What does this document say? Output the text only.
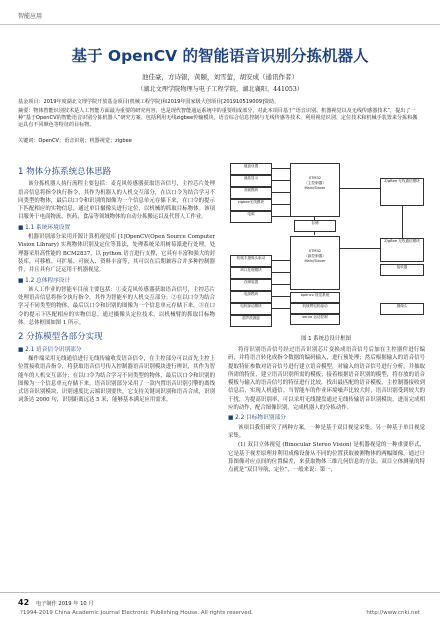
智能应用
基于 OpenCV 的智能语音识别分拣机器人
池佳豪，方诗银，黄颐，刘雪萤，胡安成（通讯作者）
（湖北文理学院物理与电子工程学院，湖北襄阳，441053）
基金项目：2019年度湖北文理学院开放基金项目(机械工程学院)和2019年国家级大创项目[201910519009]资助。
摘要：物体智能识别技术是人工智能方面最为重要的研究内容，也是现代智能通运系统中的重要组成部分，对此本项目基于“语音识别、机器视觉以及无线传感器技术”，提出了一种“基于OpenCV的智能语音识别分拣机器人”研究方案。包括利用无线zigbee传输模块，语音综合信息控制与无线传感等技术，利用视觉识别、定位技术和机械手装置来分拣和搬运具有不同颜色等特征的目标物。
关键词：OpenCV；语音识别；机器视觉；zigbee
1 物体分拣系统总体思路

该分拣机器人执行流程主要包括：麦克风传感器获取语音信号，主控芯片处理语音信息将指令执行指令，其作为机器人的人机交互部分，在以口令为结合学习不同类型的物体，最后以口令和识别的图像为一个信息单元存储下来，在口令的提示下匹配相应的实物信息。通过单目摄像头进行定位，以机械的抓取目标物体。该项目服务于电商物流、医药、食品等领域物体的自动分拣搬运以及代替人工作业。

■ 1.1 系统环境设置

机器识别部分采用开源计算机视觉库 [1]OpenCV(Open Source Computer Vision Library) 实现物体识别及定位等算法，处理系统采用树莓派进行处理，处理器采用高性能的 BCM2837，以 python 语言进行支撑，它具有丰富和强大的封装库，可移植、可扩展、可嵌入、资料丰富等，其可以在后期兼容合并多种控制器件，并且具有广泛运用于机器视觉。

■ 1.2 总体程序设计

该人工作业的智能车目前主要包括：①麦克风传感器获取语音信号，主控芯片处理语音信息将指令执行指令，其作为智能车的人机交互部分；②在以口令为结合学习不同类型的物体，最后以口令和识别的图像为一个信息单元存储下来。③在口令的提示下匹配相应的实物信息。通过摄像头定位技术，以机械臂的抓取目标物体。总体框图如图 1 所示。

2 分拣模型各部分实现
■ 2.1 语音信令识别部分

操作端采用无线通信进行无线传输收发语音信令，在主控部分可以首先主控上位置接收语音指令，将获取语音信号传入控制器语音识别模块进行辨识，其作为智能车的人机交互部分；在以口令为结合学习不同类型的物体，最后以口令和识别的图像为一个信息单元存储下来。语音识别部分采用了一款内置语音识别引擎的离线式语音识别模块，识别速度比云端识别要快，它支持关键词识别和语音合成，识别词条达 2000 句，识别距离远达 5 米，能够基本满足应用需求。

键盘设置
液晶显示
音频模块
zigbee无线模块
电源
STM32
（主控制器）
Main/Slaver
Z/gBee 无线通信模块
存储
Z/gBee 无线通信模块
机械手摄像头驱动
串口处理模块
存储装置
电源模块
STM32
（副控制器）
Main/Slaver
接收器
opencv 视觉系统
机械臂电机驱动
servo 运动控制
电机驱动模块
超声波测距
摄像头
图 1 系统总设计框图

将待识别语音信号经过语音识别芯片变换成语音信号后加在主控器件进行编码，并将语言转化成指令数据的编码输入，进行预处理；然后根据输入的语音信号提取特征参数对语音信号进行建立语音模型，对输入的语音信号进行分析，并抽取所需的特征，建立语音识别所需的模板；接着根据语音识别的模型，将存放的语音模板与输入的语音信号的特征进行比较，找出最匹配的语音模板，主控制器接收到信息后，实现人机通信。当智能车的作业环境噪声比较大时，语音识别受到较大的干扰，为提高识别率，可以采用无线键盘通过无线传输语音识别模块，进而完成相应的动作，配合图像识别，完成机器人的分拣动作。

■ 2.2 目标物识别部分

该项目我们研究了两种方案，一种是基于双目视觉采集，另一种基于单目视觉采集。

(1) 双目立体视觉 (Binocular Stereo Vision) 是机器视觉的一种重要形式，它是基于视差原理并利用成像设备从不同的位置获取被测物体的两幅图像，通过计算图像对应点间的位置偏差，来获取物体三维几何信息的方法。双目立体测量的特点就是“双目导航，定位”，一般来说：第一，

42 电子制作 2019 年 10 月
?1994-2019 China Academic Journal Electronic Publishing House. All rights reserved.	http://www.cnki.net
